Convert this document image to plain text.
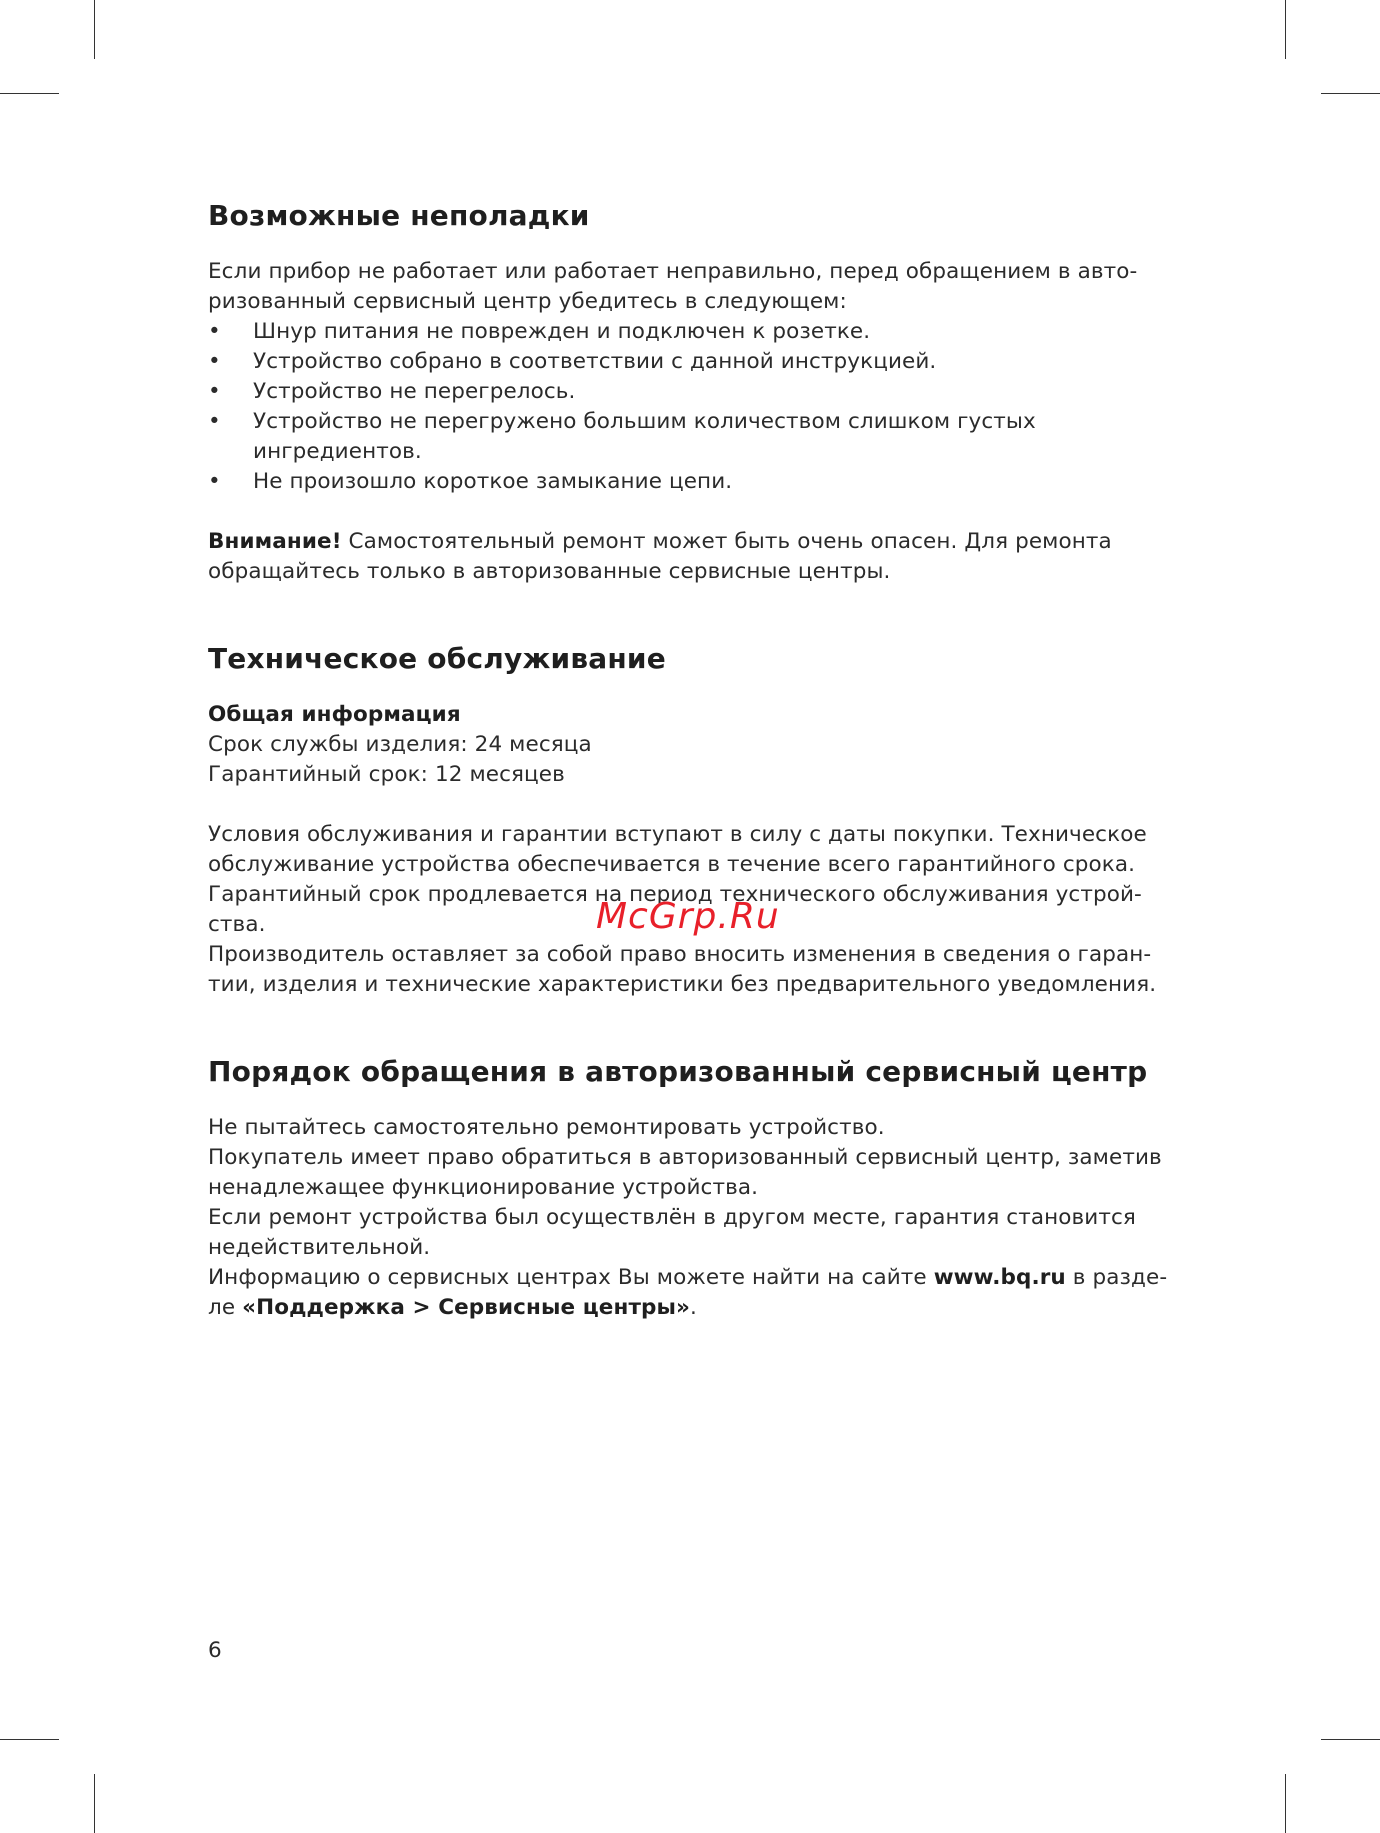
Возможные неполадки

Если прибор не работает или работает неправильно, перед обращением в авто-

ризованный сервисный центр убедитесь в следующем:

• Шнур питания не поврежден и подключен к розетке.
• Устройство собрано в соответствии с данной инструкцией.
• Устройство не перегрелось.
• Устройство не перегружено большим количеством слишком густых ингредиентов.
• Не произошло короткое замыкание цепи.

Внимание! Самостоятельный ремонт может быть очень опасен. Для ремонта

обращайтесь только в авторизованные сервисные центры.

Техническое обслуживание

Общая информация

Срок службы изделия: 24 месяца

Гарантийный срок: 12 месяцев

Условия обслуживания и гарантии вступают в силу с даты покупки. Техническое

обслуживание устройства обеспечивается в течение всего гарантийного срока.

Гарантийный срок продлевается на период технического обслуживания устрой-

ства.

Производитель оставляет за собой право вносить изменения в сведения о гаран-

тии, изделия и технические характеристики без предварительного уведомления.

Порядок обращения в авторизованный сервисный центр

Не пытайтесь самостоятельно ремонтировать устройство.

Покупатель имеет право обратиться в авторизованный сервисный центр, заметив

ненадлежащее функционирование устройства.

Если ремонт устройства был осуществлён в другом месте, гарантия становится

недействительной.

Информацию о сервисных центрах Вы можете найти на сайте www.bq.ru в разде-

ле «Поддержка > Сервисные центры».

McGrp.Ru
6
